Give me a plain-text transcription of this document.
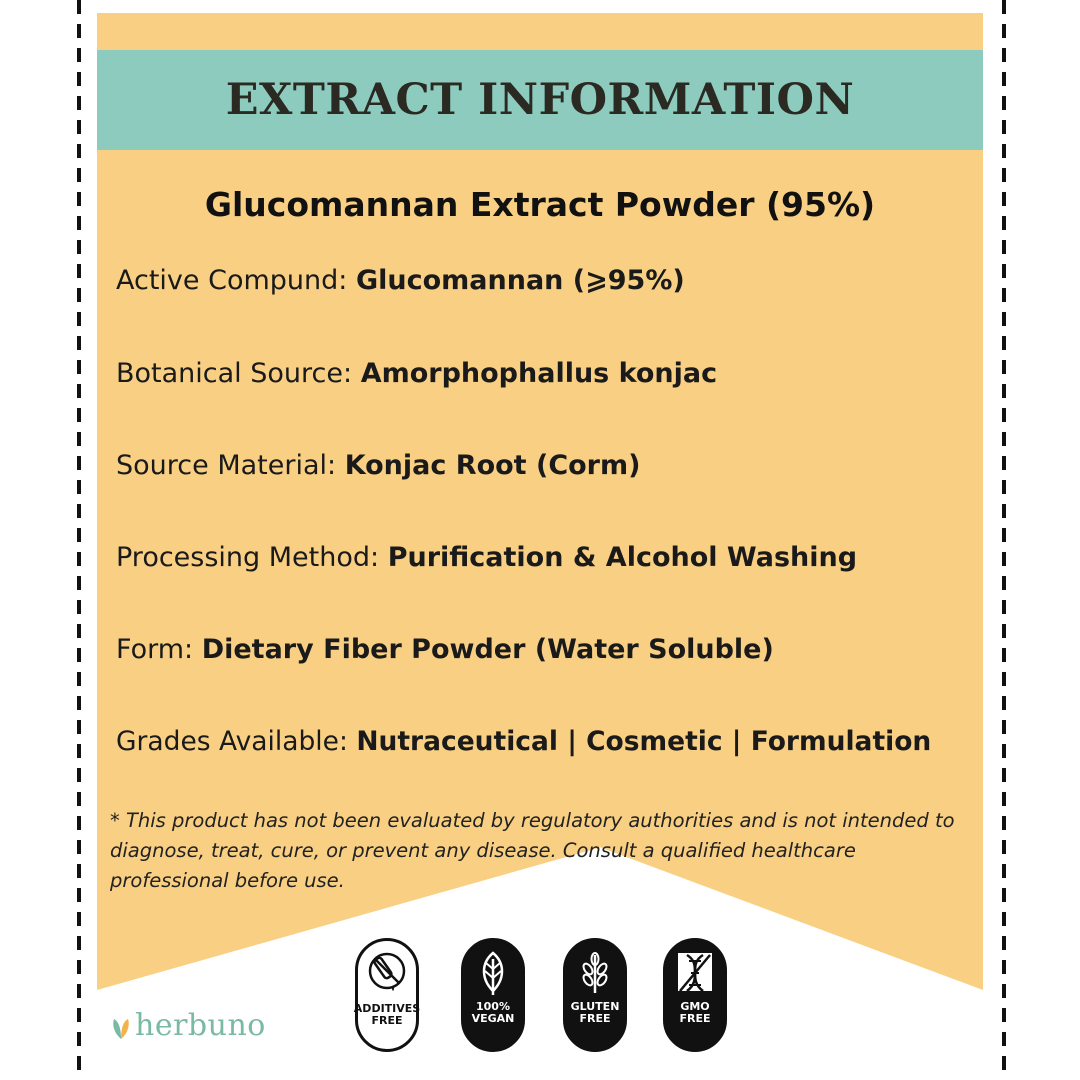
EXTRACT INFORMATION
Glucomannan Extract Powder (95%)
Active Compund: Glucomannan (⩾95%)
Botanical Source: Amorphophallus konjac
Source Material: Konjac Root (Corm)
Processing Method: Purification & Alcohol Washing
Form: Dietary Fiber Powder (Water Soluble)
Grades Available: Nutraceutical | Cosmetic | Formulation
* This product has not been evaluated by regulatory authorities and is not intended to diagnose, treat, cure, or prevent any disease. Consult a qualified healthcare professional before use.
herbuno	ADDITIVES
FREE
100%
VEGAN
GLUTEN
FREE
GMO
FREE
